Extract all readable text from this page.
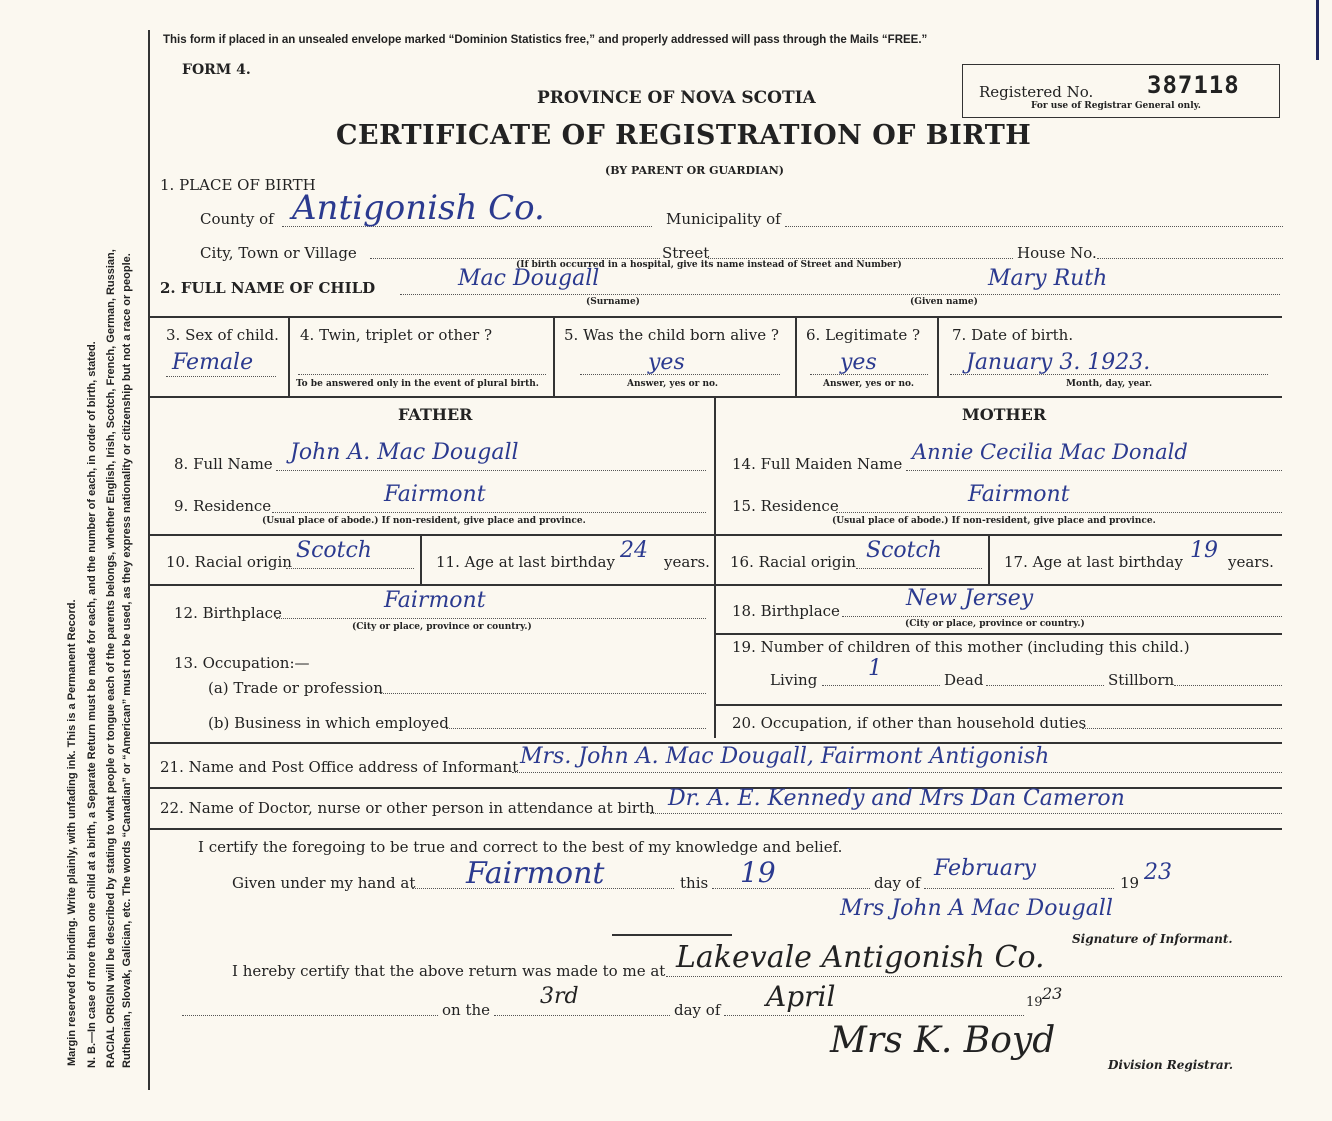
Margin reserved for binding. Write plainly, with unfading ink. This is a Permanent Record. N. B.—In case of more than one child at a birth, a Separate Return must be made for each, and the number of each, in order of birth, stated. RACIAL ORIGIN will be described by stating to what people or tongue each of the parents belongs, whether English, Irish, Scotch, French, German, Russian, Ruthenian, Slovak, Galician, etc. The words “Canadian” or “American” must not be used, as they express nationality or citizenship but not a race or people.
This form if placed in an unsealed envelope marked “Dominion Statistics free,” and properly addressed will pass through the Mails “FREE.”
FORM 4.
PROVINCE OF NOVA SCOTIA
CERTIFICATE OF REGISTRATION OF BIRTH
(BY PARENT OR GUARDIAN)
Registered No. 387118
For use of Registrar General only.
1. PLACE OF BIRTH
County of Antigonish Co.	Municipality of
City, Town or Village	Street	House No.
(If birth occurred in a hospital, give its name instead of Street and Number)
2. FULL NAME OF CHILD	Mac Dougall
(Surname)
Mary Ruth
(Given name)
3. Sex of child.
Female
4. Twin, triplet or other ?
To be answered only in the event of plural birth.
5. Was the child born alive ?
yes
Answer, yes or no.
6. Legitimate ?
yes
Answer, yes or no.
7. Date of birth.
January 3. 1923.
Month, day, year.
FATHER	MOTHER
8. Full Name John A. Mac Dougall
9. Residence	Fairmont
(Usual place of abode.) If non-resident, give place and province.
10. Racial origin Scotch	11. Age at last birthday 24 years.
12. Birthplace	Fairmont
(City or place, province or country.)
13. Occupation:—
(a) Trade or profession
(b) Business in which employed
14. Full Maiden Name Annie Cecilia Mac Donald
15. Residence	Fairmont
(Usual place of abode.) If non-resident, give place and province.
16. Racial origin Scotch	17. Age at last birthday 19 years.
18. Birthplace	New Jersey
(City or place, province or country.)
19. Number of children of this mother (including this child.)
Living 1	Dead	Stillborn
20. Occupation, if other than household duties
21. Name and Post Office address of Informant Mrs. John A. Mac Dougall, Fairmont Antigonish
22. Name of Doctor, nurse or other person in attendance at birth Dr. A. E. Kennedy and Mrs Dan Cameron
I certify the foregoing to be true and correct to the best of my knowledge and belief.
Given under my hand at Fairmont	this 19	day of
February
19 23
Mrs John A Mac Dougall
Signature of Informant.
I hereby certify that the above return was made to me at Lakevale Antigonish Co.
on the
3rd
day of April	19 23
Mrs K. Boyd
Division Registrar.
